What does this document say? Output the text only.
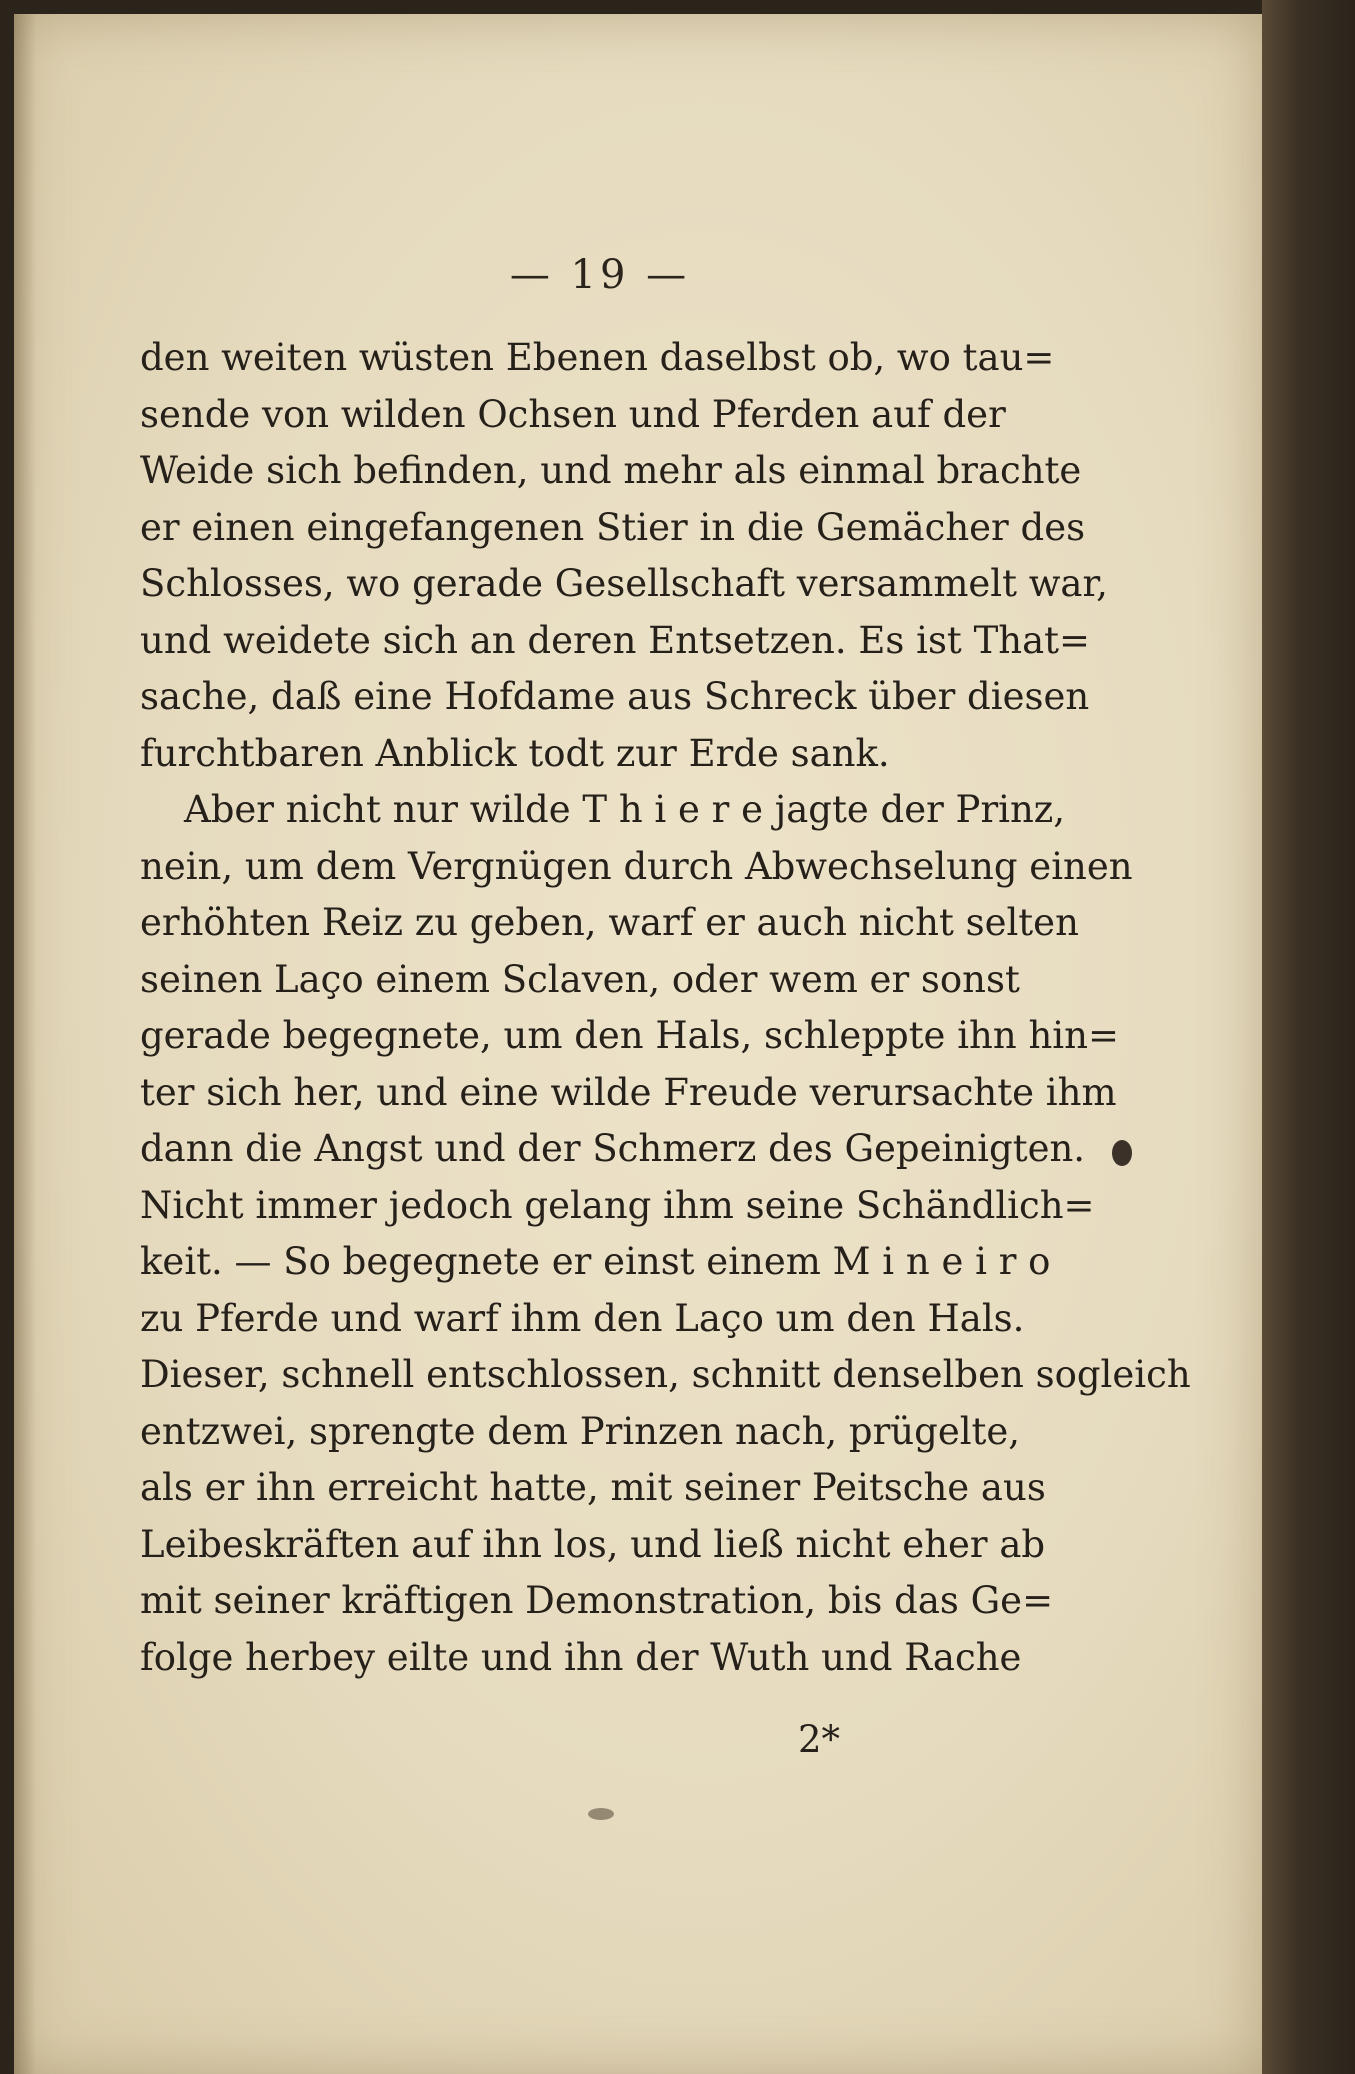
— 19 —
den weiten wüsten Ebenen daselbst ob, wo tau=
sende von wilden Ochsen und Pferden auf der
Weide sich befinden, und mehr als einmal brachte
er einen eingefangenen Stier in die Gemächer des
Schlosses, wo gerade Gesellschaft versammelt war,
und weidete sich an deren Entsetzen. Es ist That=
sache, daß eine Hofdame aus Schreck über diesen
furchtbaren Anblick todt zur Erde sank.
Aber nicht nur wilde T h i e r e jagte der Prinz,
nein, um dem Vergnügen durch Abwechselung einen
erhöhten Reiz zu geben, warf er auch nicht selten
seinen Laço einem Sclaven, oder wem er sonst
gerade begegnete, um den Hals, schleppte ihn hin=
ter sich her, und eine wilde Freude verursachte ihm
dann die Angst und der Schmerz des Gepeinigten.
Nicht immer jedoch gelang ihm seine Schändlich=
keit. — So begegnete er einst einem M i n e i r o
zu Pferde und warf ihm den Laço um den Hals.
Dieser, schnell entschlossen, schnitt denselben sogleich
entzwei, sprengte dem Prinzen nach, prügelte,
als er ihn erreicht hatte, mit seiner Peitsche aus
Leibeskräften auf ihn los, und ließ nicht eher ab
mit seiner kräftigen Demonstration, bis das Ge=
folge herbey eilte und ihn der Wuth und Rache
2*
